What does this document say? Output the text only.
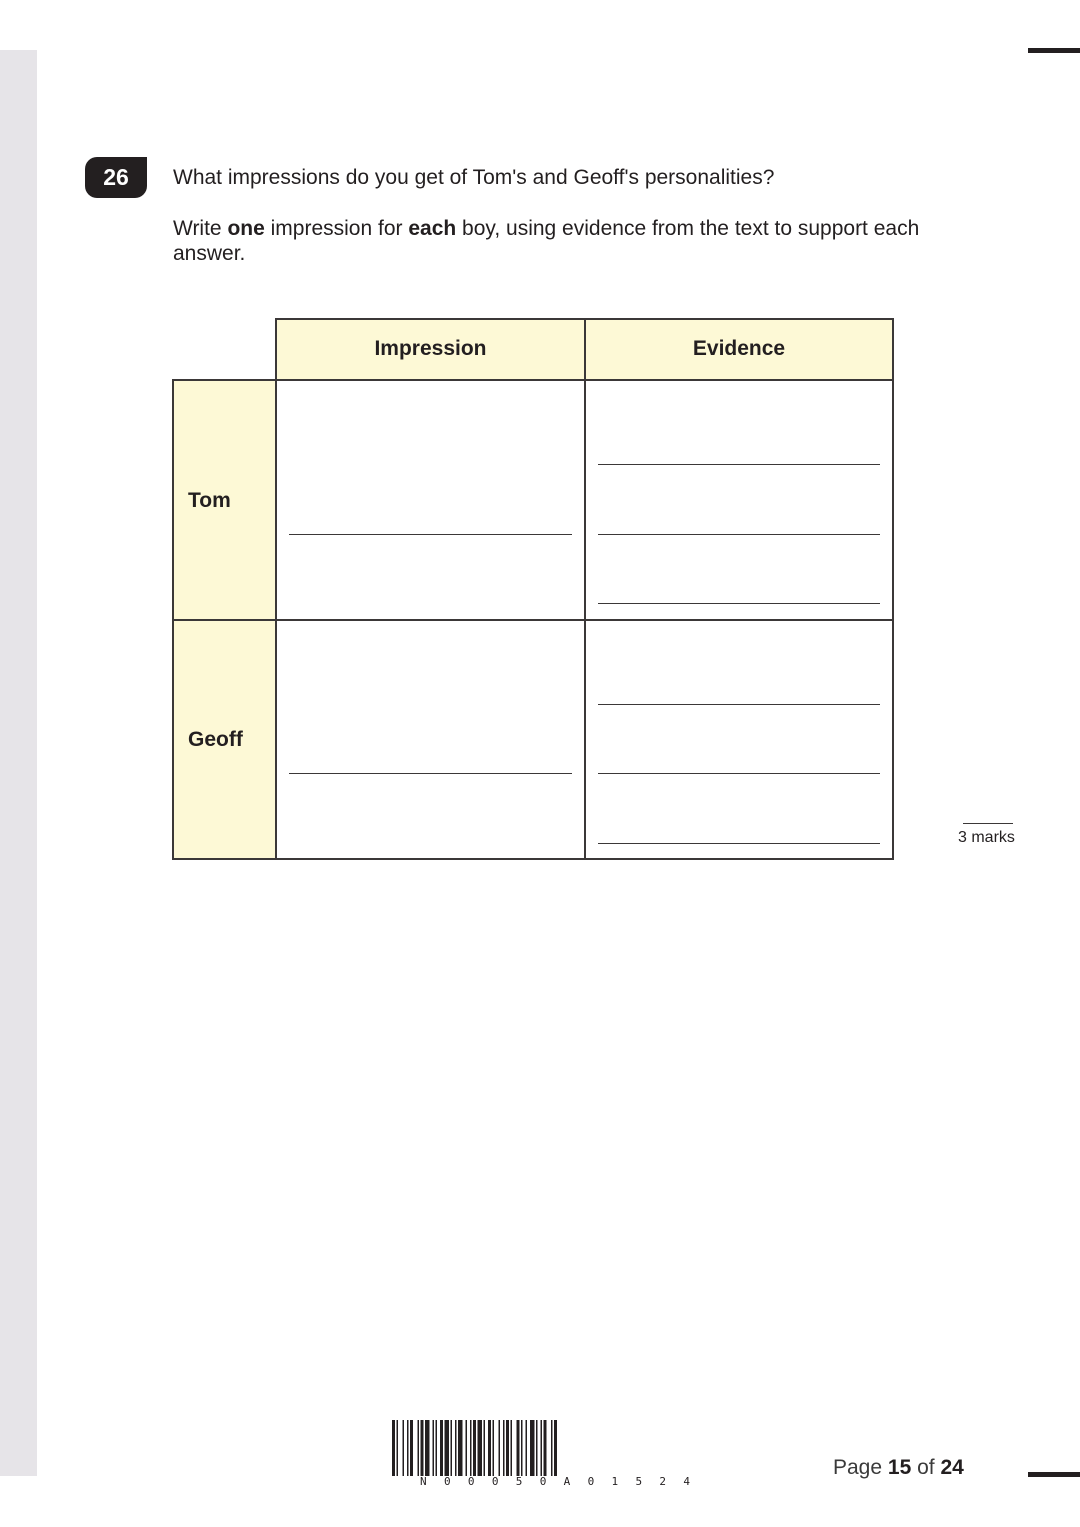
26	What impressions do you get of Tom's and Geoff's personalities?

Write one impression for each boy, using evidence from the text to support each answer.

Impression	Evidence
Tom
Geoff
3 marks
N 0 0 0 5 0 A 0 1 5 2 4
Page 15 of 24
